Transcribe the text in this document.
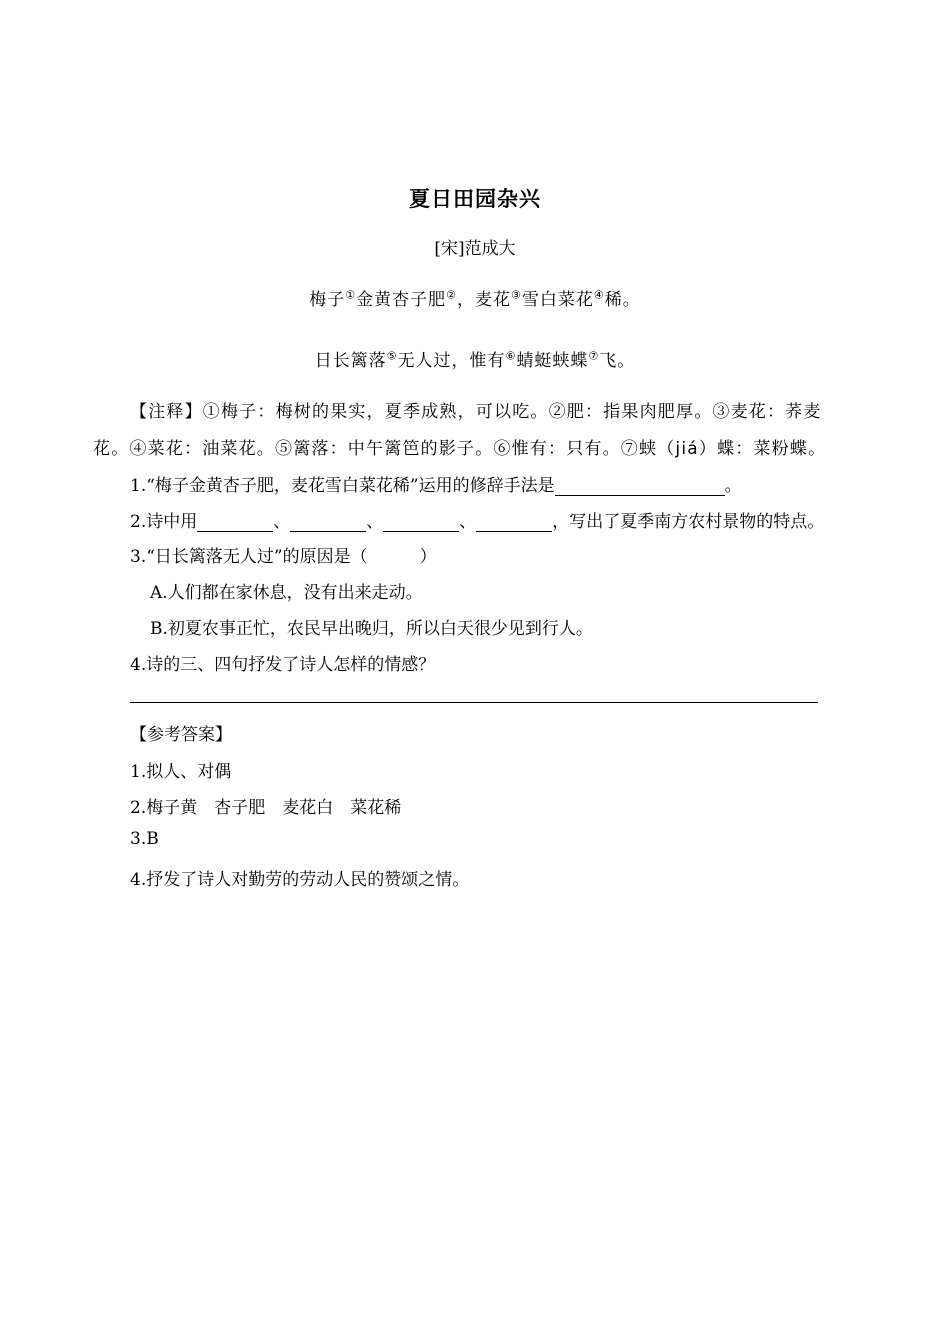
夏日田园杂兴
[宋]范成大
梅子①金黄杏子肥②，麦花③雪白菜花④稀。
日长篱落⑤无人过，惟有⑥蜻蜓蛱蝶⑦飞。
【注释】①梅子：梅树的果实，夏季成熟，可以吃。②肥：指果肉肥厚。③麦花：荞麦
花。④菜花：油菜花。⑤篱落：中午篱笆的影子。⑥惟有：只有。⑦蛱（jiá）蝶：菜粉蝶。
1.“梅子金黄杏子肥，麦花雪白菜花稀”运用的修辞手法是	。
2.诗中用	、	、	、	，写出了夏季南方农村景物的特点。
3.“日长篱落无人过”的原因是（	）
A.人们都在家休息，没有出来走动。
B.初夏农事正忙，农民早出晚归，所以白天很少见到行人。
4.诗的三、四句抒发了诗人怎样的情感？
【参考答案】
1.拟人、对偶
2.梅子黄　杏子肥　麦花白　菜花稀
3.B
4.抒发了诗人对勤劳的劳动人民的赞颂之情。
